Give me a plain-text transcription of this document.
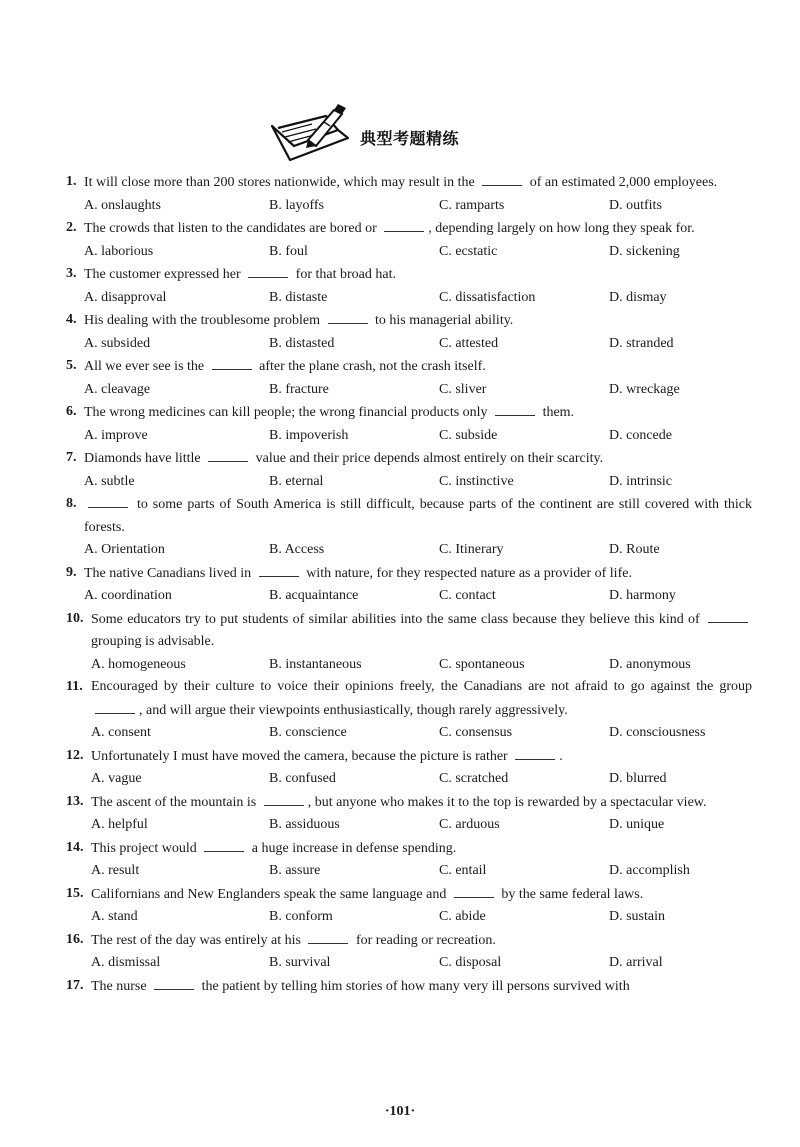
典型考题精练
1. It will close more than 200 stores nationwide, which may result in the	of an estimated 2,000 employees.
A. onslaughts	B. layoffs	C. ramparts	D. outfits
2. The crowds that listen to the candidates are bored or	, depending largely on how long they speak for.
A. laborious	B. foul	C. ecstatic	D. sickening
3. The customer expressed her	for that broad hat.
A. disapproval	B. distaste	C. dissatisfaction	D. dismay
4. His dealing with the troublesome problem	to his managerial ability.
A. subsided	B. distasted	C. attested	D. stranded
5. All we ever see is the	after the plane crash, not the crash itself.
A. cleavage	B. fracture	C. sliver	D. wreckage
6. The wrong medicines can kill people; the wrong financial products only	them.
A. improve	B. impoverish	C. subside	D. concede
7. Diamonds have little	value and their price depends almost entirely on their scarcity.
A. subtle	B. eternal	C. instinctive	D. intrinsic
8.	to some parts of South America is still difficult, because parts of the continent are still covered with thick forests.
A. Orientation	B. Access	C. Itinerary	D. Route
9. The native Canadians lived in	with nature, for they respected nature as a provider of life.
A. coordination	B. acquaintance	C. contact	D. harmony
10. Some educators try to put students of similar abilities into the same class because they believe this kind of  grouping is advisable.
A. homogeneous	B. instantaneous	C. spontaneous	D. anonymous
11. Encouraged by their culture to voice their opinions freely, the Canadians are not afraid to go against the group , and will argue their viewpoints enthusiastically, though rarely aggressively.
A. consent	B. conscience	C. consensus	D. consciousness
12. Unfortunately I must have moved the camera, because the picture is rather	.
A. vague	B. confused	C. scratched	D. blurred
13. The ascent of the mountain is	, but anyone who makes it to the top is rewarded by a spectacular view.
A. helpful	B. assiduous	C. arduous	D. unique
14. This project would	a huge increase in defense spending.
A. result	B. assure	C. entail	D. accomplish
15. Californians and New Englanders speak the same language and	by the same federal laws.
A. stand	B. conform	C. abide	D. sustain
16. The rest of the day was entirely at his	for reading or recreation.
A. dismissal	B. survival	C. disposal	D. arrival
17. The nurse	the patient by telling him stories of how many very ill persons survived with
·101·
